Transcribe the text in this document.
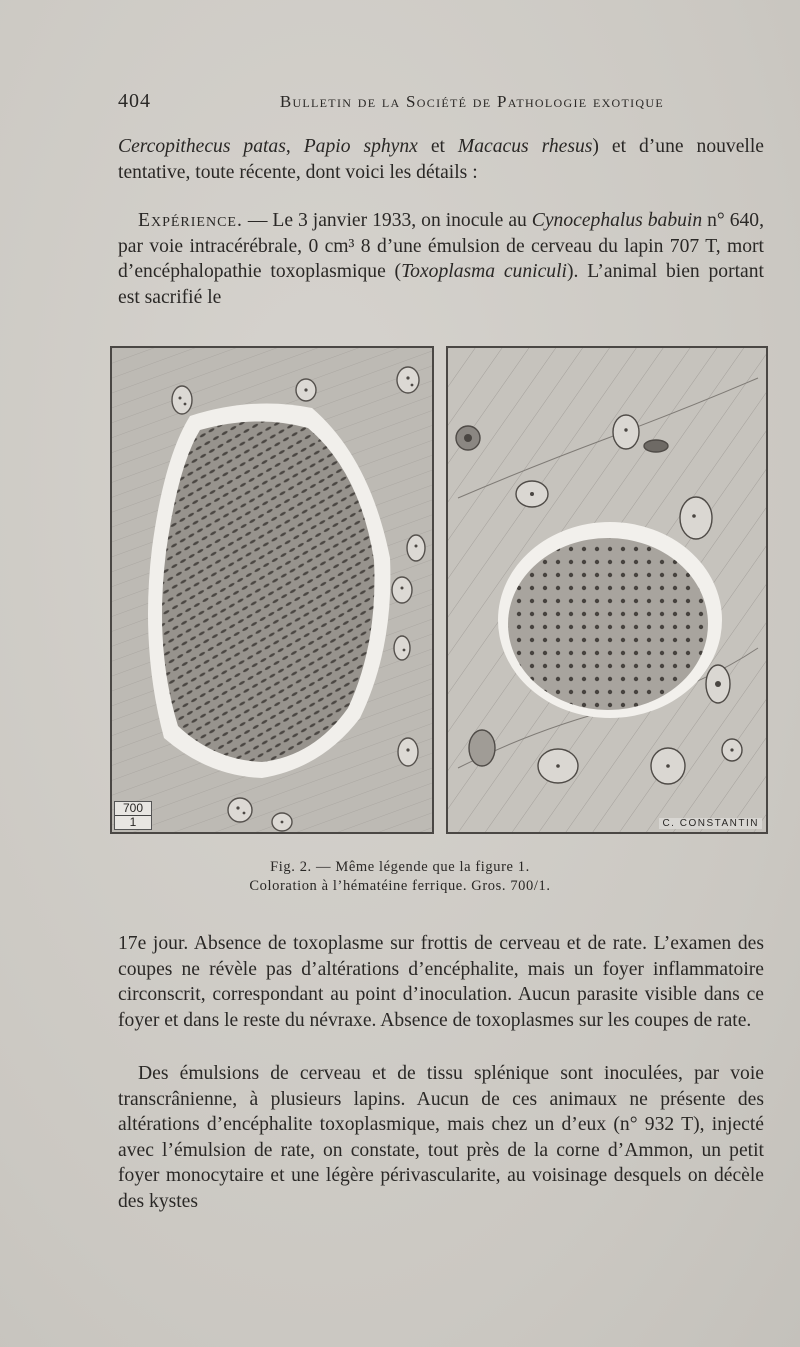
404	Bulletin de la Société de Pathologie exotique
Cercopithecus patas, Papio sphynx et Macacus rhesus) et d’une nouvelle tentative, toute récente, dont voici les détails :
Expérience. — Le 3 janvier 1933, on inocule au Cynocephalus babuin n° 640, par voie intracérébrale, 0 cm³ 8 d’une émulsion de cerveau du lapin 707 T, mort d’encéphalopathie toxoplasmique (Toxoplasma cuniculi). L’animal bien portant est sacrifié le
$\frac{700}{1}$	C. CONSTANTIN
Fig. 2. — Même légende que la figure 1.
Coloration à l’hématéine ferrique. Gros. 700/1.
17e jour. Absence de toxoplasme sur frottis de cerveau et de rate. L’examen des coupes ne révèle pas d’altérations d’encéphalite, mais un foyer inflammatoire circonscrit, correspondant au point d’inoculation. Aucun parasite visible dans ce foyer et dans le reste du névraxe. Absence de toxoplasmes sur les coupes de rate.
Des émulsions de cerveau et de tissu splénique sont inoculées, par voie transcrânienne, à plusieurs lapins. Aucun de ces animaux ne présente des altérations d’encéphalite toxoplasmique, mais chez un d’eux (n° 932 T), injecté avec l’émulsion de rate, on constate, tout près de la corne d’Ammon, un petit foyer monocytaire et une légère périvascularite, au voisinage desquels on décèle des kystes
